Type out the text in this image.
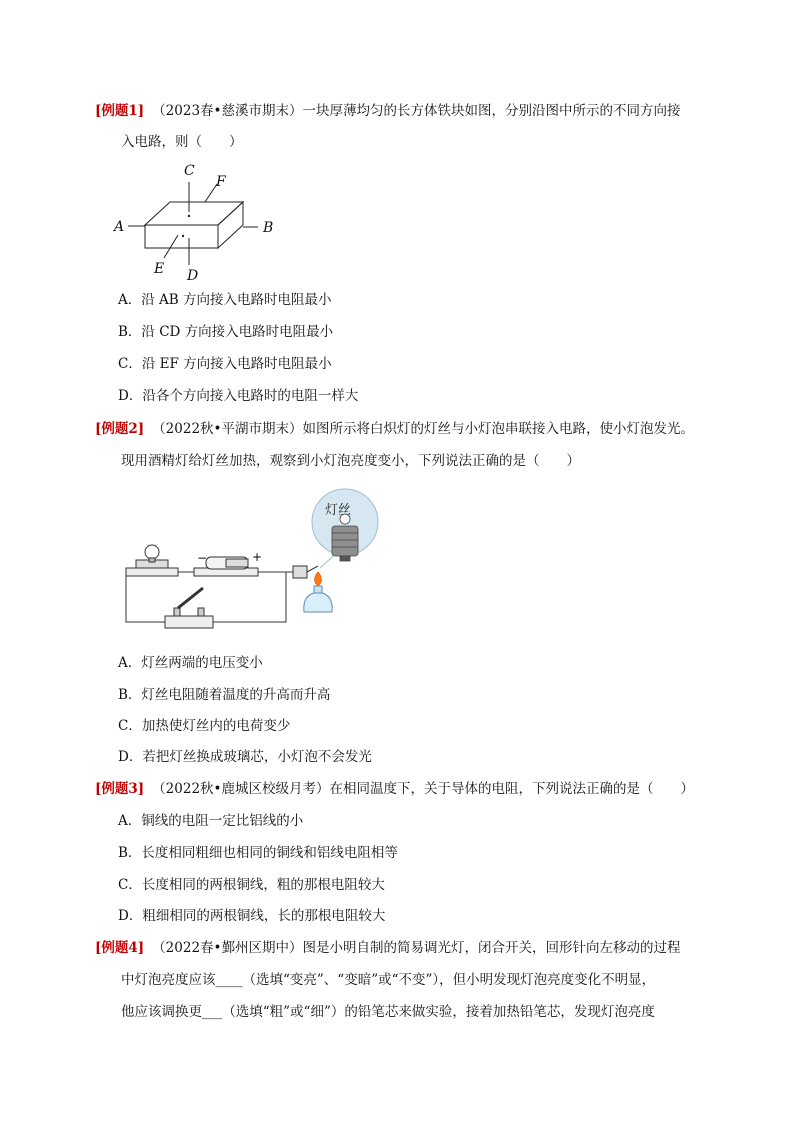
[例题1] （2023春•慈溪市期末）一块厚薄均匀的长方体铁块如图，分别沿图中所示的不同方向接
入电路，则（　　）
C
F
A	B
E D
A．沿 AB 方向接入电路时电阻最小
B．沿 CD 方向接入电路时电阻最小
C．沿 EF 方向接入电路时电阻最小
D．沿各个方向接入电路时的电阻一样大
[例题2] （2022秋•平湖市期末）如图所示将白炽灯的灯丝与小灯泡串联接入电路，使小灯泡发光。
现用酒精灯给灯丝加热，观察到小灯泡亮度变小，下列说法正确的是（　　）
−	+
灯丝
A．灯丝两端的电压变小
B．灯丝电阻随着温度的升高而升高
C．加热使灯丝内的电荷变少
D．若把灯丝换成玻璃芯，小灯泡不会发光
[例题3] （2022秋•鹿城区校级月考）在相同温度下，关于导体的电阻，下列说法正确的是（　　）
A．铜线的电阻一定比铝线的小
B．长度相同粗细也相同的铜线和铝线电阻相等
C．长度相同的两根铜线，粗的那根电阻较大
D．粗细相同的两根铜线，长的那根电阻较大
[例题4] （2022春•鄞州区期中）图是小明自制的简易调光灯，闭合开关，回形针向左移动的过程
中灯泡亮度应该____（选填“变亮”、“变暗”或“不变”），但小明发现灯泡亮度变化不明显，
他应该调换更___（选填“粗”或“细”）的铅笔芯来做实验，接着加热铅笔芯，发现灯泡亮度
